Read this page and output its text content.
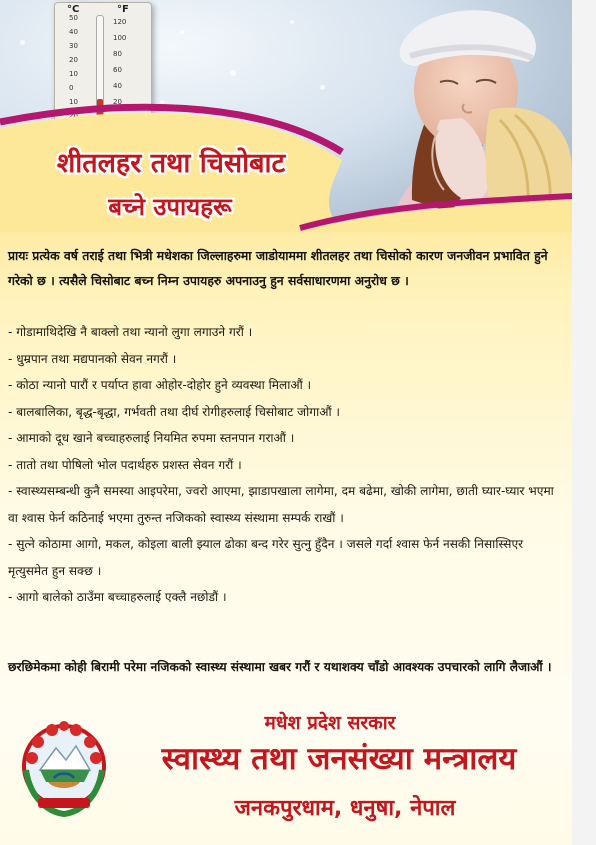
°C	°F
50
40
30
20
10
0
10
20
120
100
80
60
40
20
शीतलहर तथा चिसोबाट
बच्ने उपायहरू
प्रायः प्रत्येक वर्ष तराई तथा भित्री मधेशका जिल्लाहरुमा जाडोयाममा शीतलहर तथा चिसोको कारण जनजीवन प्रभावित हुने गरेको छ । त्यसैले चिसोबाट बच्न निम्न उपायहरु अपनाउनु हुन सर्वसाधारणमा अनुरोध छ ।
- गोडामाथिदेखि नै बाक्लो तथा न्यानो लुगा लगाउने गरौं ।
- धुम्रपान तथा मद्यपानको सेवन नगरौं ।
- कोठा न्यानो पारौं र पर्याप्त हावा ओहोर-दोहोर हुने व्यवस्था मिलाऔं ।
- बालबालिका, बृद्ध-बृद्धा, गर्भवती तथा दीर्घ रोगीहरुलाई चिसोबाट जोगाऔं ।
- आमाको दूध खाने बच्चाहरुलाई नियमित रुपमा स्तनपान गराऔं ।
- तातो तथा पोषिलो भोल पदार्थहरु प्रशस्त सेवन गरौं ।
- स्वास्थ्यसम्बन्धी कुनै समस्या आइपरेमा, ज्वरो आएमा, झाडापखाला लागेमा, दम बढेमा, खोकी लागेमा, छाती घ्यार-घ्यार भएमा वा श्वास फेर्न कठिनाई भएमा तुरुन्त नजिकको स्वास्थ्य संस्थामा सम्पर्क राखौं ।
- सुत्ने कोठामा आगो, मकल, कोइला बाली झ्याल ढोका बन्द गरेर सुत्नु हुँदैन । जसले गर्दा श्वास फेर्न नसकी निसास्सिएर मृत्युसमेत हुन सक्छ ।
- आगो बालेको ठाउँमा बच्चाहरुलाई एक्लै नछोडौं ।
छरछिमेकमा कोही बिरामी परेमा नजिकको स्वास्थ्य संस्थामा खबर गरौं र यथाशक्य चाँडो आवश्यक उपचारको लागि लैजाऔं ।
मधेश प्रदेश सरकार
स्वास्थ्य तथा जनसंख्या मन्त्रालय
जनकपुरधाम, धनुषा, नेपाल
